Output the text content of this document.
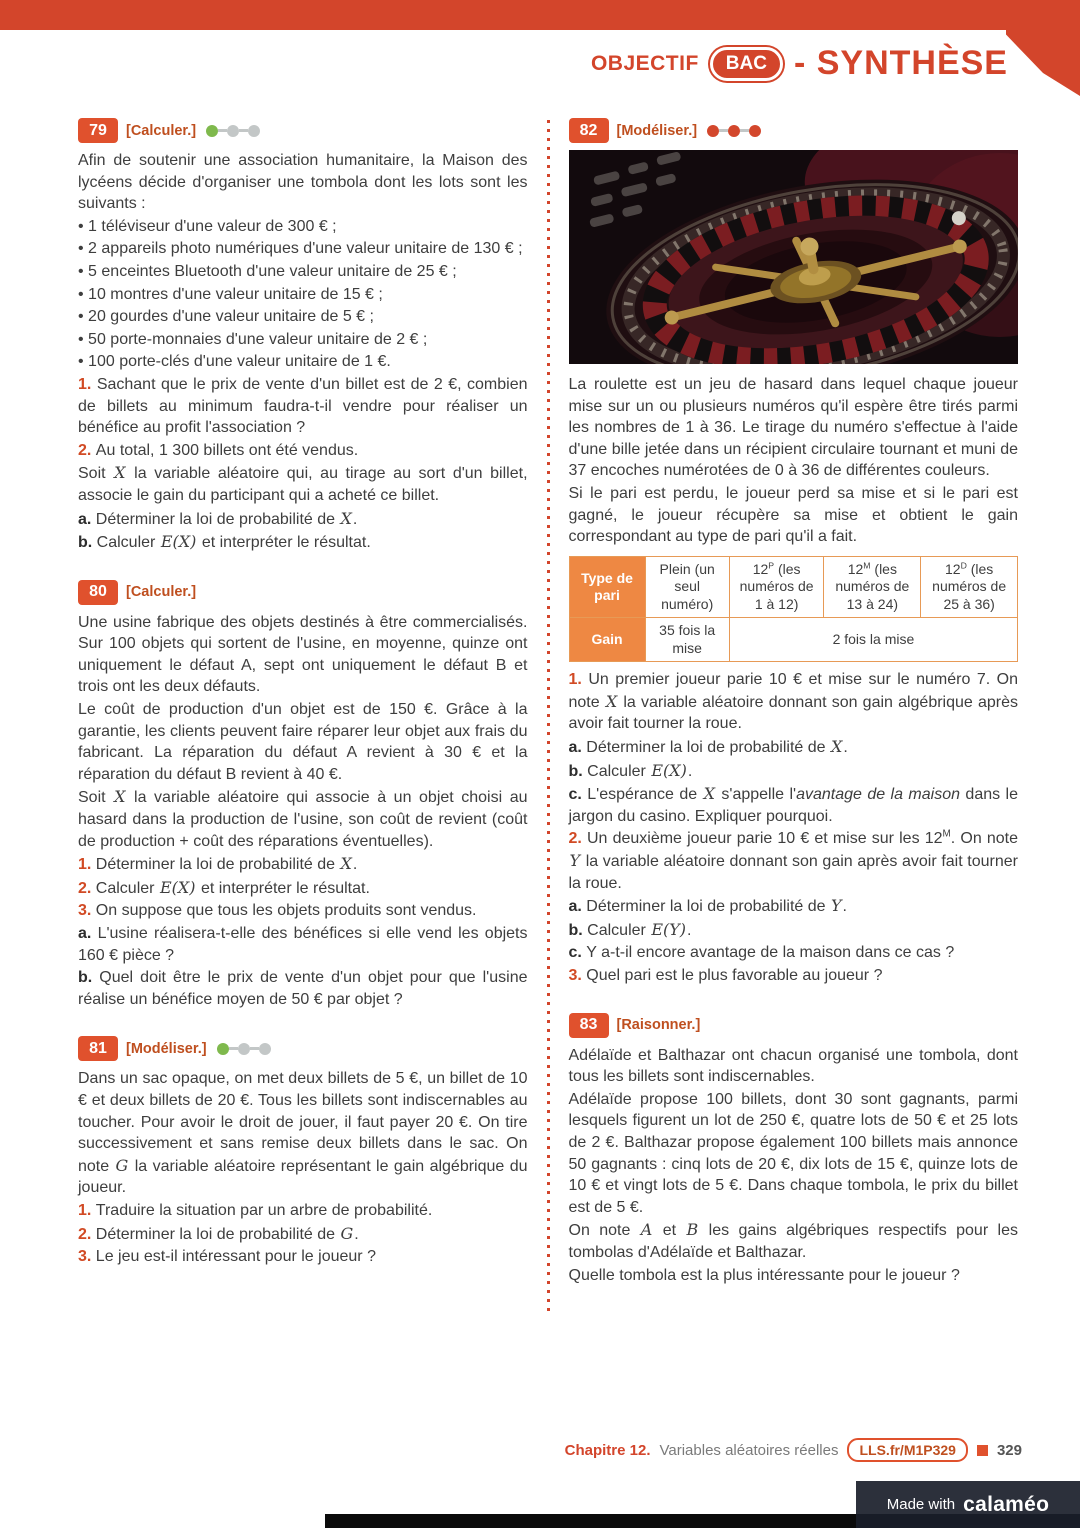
OBJECTIF	BAC - SYNTHÈSE
79	[Calculer.]

Afin de soutenir une association humanitaire, la Maison des lycéens décide d'organiser une tombola dont les lots sont les suivants :

• 1 téléviseur d'une valeur de 300 € ;

• 2 appareils photo numériques d'une valeur unitaire de 130 € ;

• 5 enceintes Bluetooth d'une valeur unitaire de 25 € ;

• 10 montres d'une valeur unitaire de 15 € ;

• 20 gourdes d'une valeur unitaire de 5 € ;

• 50 porte-monnaies d'une valeur unitaire de 2 € ;

• 100 porte-clés d'une valeur unitaire de 1 €.

1. Sachant que le prix de vente d'un billet est de 2 €, combien de billets au minimum faudra-t-il vendre pour réaliser un bénéfice au profit l'association ?

2. Au total, 1 300 billets ont été vendus.

Soit X la variable aléatoire qui, au tirage au sort d'un billet, associe le gain du participant qui a acheté ce billet.

a. Déterminer la loi de probabilité de X.

b. Calculer E(X) et interpréter le résultat.

80	[Calculer.]

Une usine fabrique des objets destinés à être commercialisés. Sur 100 objets qui sortent de l'usine, en moyenne, quinze ont uniquement le défaut A, sept ont uniquement le défaut B et trois ont les deux défauts.

Le coût de production d'un objet est de 150 €. Grâce à la garantie, les clients peuvent faire réparer leur objet aux frais du fabricant. La réparation du défaut A revient à 30 € et la réparation du défaut B revient à 40 €.

Soit X la variable aléatoire qui associe à un objet choisi au hasard dans la production de l'usine, son coût de revient (coût de production + coût des réparations éventuelles).

1. Déterminer la loi de probabilité de X.

2. Calculer E(X) et interpréter le résultat.

3. On suppose que tous les objets produits sont vendus.

a. L'usine réalisera-t-elle des bénéfices si elle vend les objets 160 € pièce ?

b. Quel doit être le prix de vente d'un objet pour que l'usine réalise un bénéfice moyen de 50 € par objet ?

81	[Modéliser.]

Dans un sac opaque, on met deux billets de 5 €, un billet de 10 € et deux billets de 20 €. Tous les billets sont indiscernables au toucher. Pour avoir le droit de jouer, il faut payer 20 €. On tire successivement et sans remise deux billets dans le sac. On note G la variable aléatoire représentant le gain algébrique du joueur.

1. Traduire la situation par un arbre de probabilité.

2. Déterminer la loi de probabilité de G.

3. Le jeu est-il intéressant pour le joueur ?

82	[Modéliser.]

La roulette est un jeu de hasard dans lequel chaque joueur mise sur un ou plusieurs numéros qu'il espère être tirés parmi les nombres de 1 à 36. Le tirage du numéro s'effectue à l'aide d'une bille jetée dans un récipient circulaire tournant et muni de 37 encoches numérotées de 0 à 36 de différentes couleurs.

Si le pari est perdu, le joueur perd sa mise et si le pari est gagné, le joueur récupère sa mise et obtient le gain correspondant au type de pari qu'il a fait.

Type de pari	Plein (un seul numéro)	$12^P$ (les numéros de 1 à 12)	$12^M$ (les numéros de 13 à 24)	$12^D$ (les numéros de 25 à 36)
Gain	35 fois la mise	2 fois la mise		

1. Un premier joueur parie 10 € et mise sur le numéro 7. On note X la variable aléatoire donnant son gain algébrique après avoir fait tourner la roue.

a. Déterminer la loi de probabilité de X.

b. Calculer E(X).

c. L'espérance de X s'appelle l'avantage de la maison dans le jargon du casino. Expliquer pourquoi.

2. Un deuxième joueur parie 10 € et mise sur les $12^M$. On note Y la variable aléatoire donnant son gain après avoir fait tourner la roue.

a. Déterminer la loi de probabilité de Y.

b. Calculer E(Y).

c. Y a-t-il encore avantage de la maison dans ce cas ?

3. Quel pari est le plus favorable au joueur ?

83	[Raisonner.]

Adélaïde et Balthazar ont chacun organisé une tombola, dont tous les billets sont indiscernables.

Adélaïde propose 100 billets, dont 30 sont gagnants, parmi lesquels figurent un lot de 250 €, quatre lots de 50 € et 25 lots de 2 €. Balthazar propose également 100 billets mais annonce 50 gagnants : cinq lots de 20 €, dix lots de 15 €, quinze lots de 10 € et vingt lots de 5 €. Dans chaque tombola, le prix du billet est de 5 €.

On note A et B les gains algébriques respectifs pour les tombolas d'Adélaïde et Balthazar.

Quelle tombola est la plus intéressante pour le joueur ?

Chapitre 12. Variables aléatoires réelles	LLS.fr/M1P329	329
Made with calaméo
